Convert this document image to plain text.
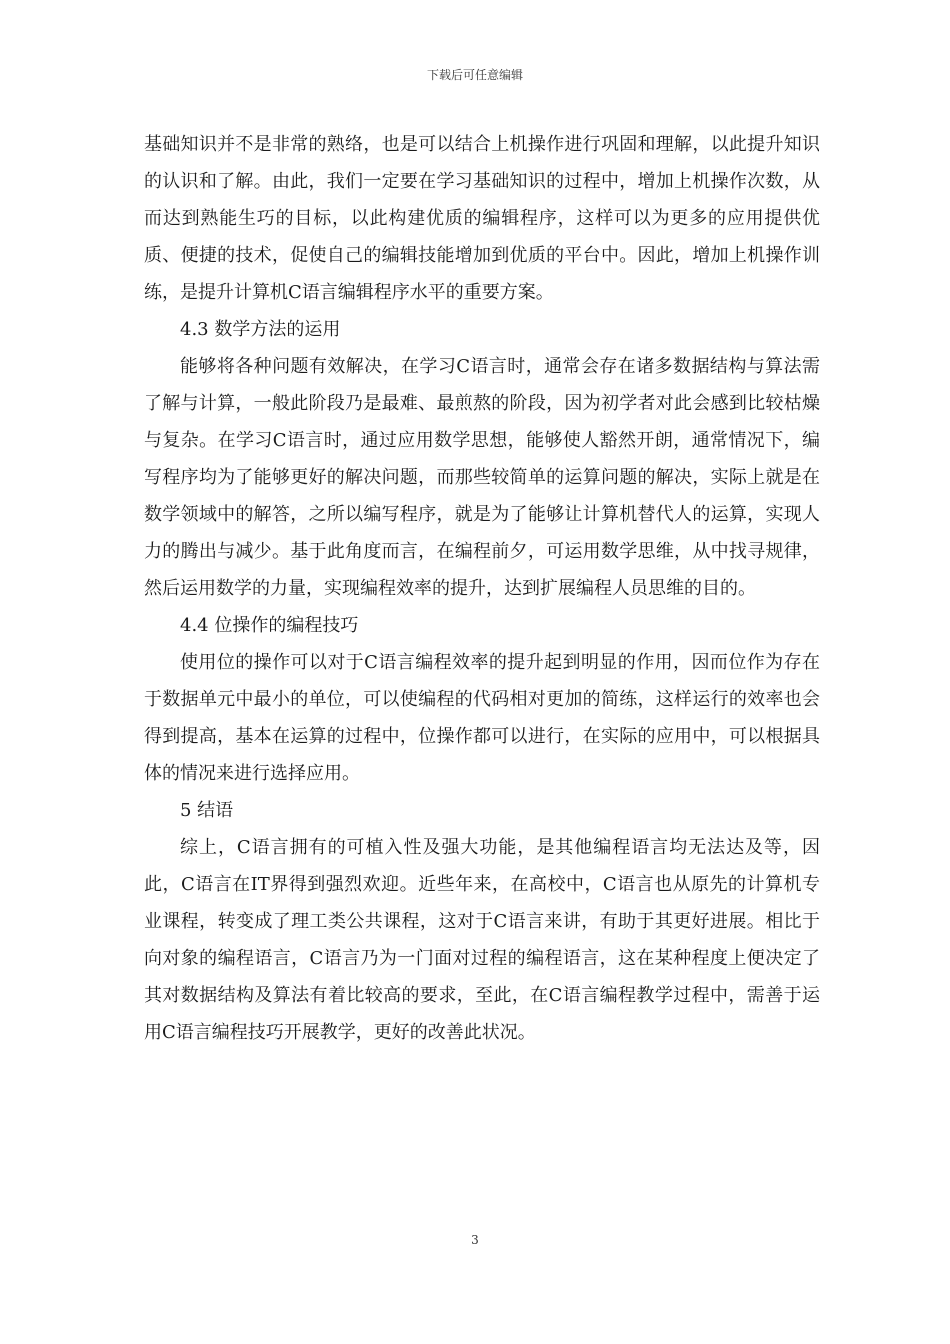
下载后可任意编辑

基础知识并不是非常的熟络，也是可以结合上机操作进行巩固和理解，以此提升知识的认识和了解。由此，我们一定要在学习基础知识的过程中，增加上机操作次数，从而达到熟能生巧的目标，以此构建优质的编辑程序，这样可以为更多的应用提供优质、便捷的技术，促使自己的编辑技能增加到优质的平台中。因此，增加上机操作训练，是提升计算机C语言编辑程序水平的重要方案。

4.3 数学方法的运用

能够将各种问题有效解决，在学习C语言时，通常会存在诸多数据结构与算法需了解与计算，一般此阶段乃是最难、最煎熬的阶段，因为初学者对此会感到比较枯燥与复杂。在学习C语言时，通过应用数学思想，能够使人豁然开朗，通常情况下，编写程序均为了能够更好的解决问题，而那些较简单的运算问题的解决，实际上就是在数学领域中的解答，之所以编写程序，就是为了能够让计算机替代人的运算，实现人力的腾出与减少。基于此角度而言，在编程前夕，可运用数学思维，从中找寻规律，然后运用数学的力量，实现编程效率的提升，达到扩展编程人员思维的目的。

4.4 位操作的编程技巧

使用位的操作可以对于C语言编程效率的提升起到明显的作用，因而位作为存在于数据单元中最小的单位，可以使编程的代码相对更加的简练，这样运行的效率也会得到提高，基本在运算的过程中，位操作都可以进行，在实际的应用中，可以根据具体的情况来进行选择应用。

5 结语

综上，C语言拥有的可植入性及强大功能，是其他编程语言均无法达及等，因此，C语言在IT界得到强烈欢迎。近些年来，在高校中，C语言也从原先的计算机专业课程，转变成了理工类公共课程，这对于C语言来讲，有助于其更好进展。相比于向对象的编程语言，C语言乃为一门面对过程的编程语言，这在某种程度上便决定了其对数据结构及算法有着比较高的要求，至此，在C语言编程教学过程中，需善于运用C语言编程技巧开展教学，更好的改善此状况。

3
